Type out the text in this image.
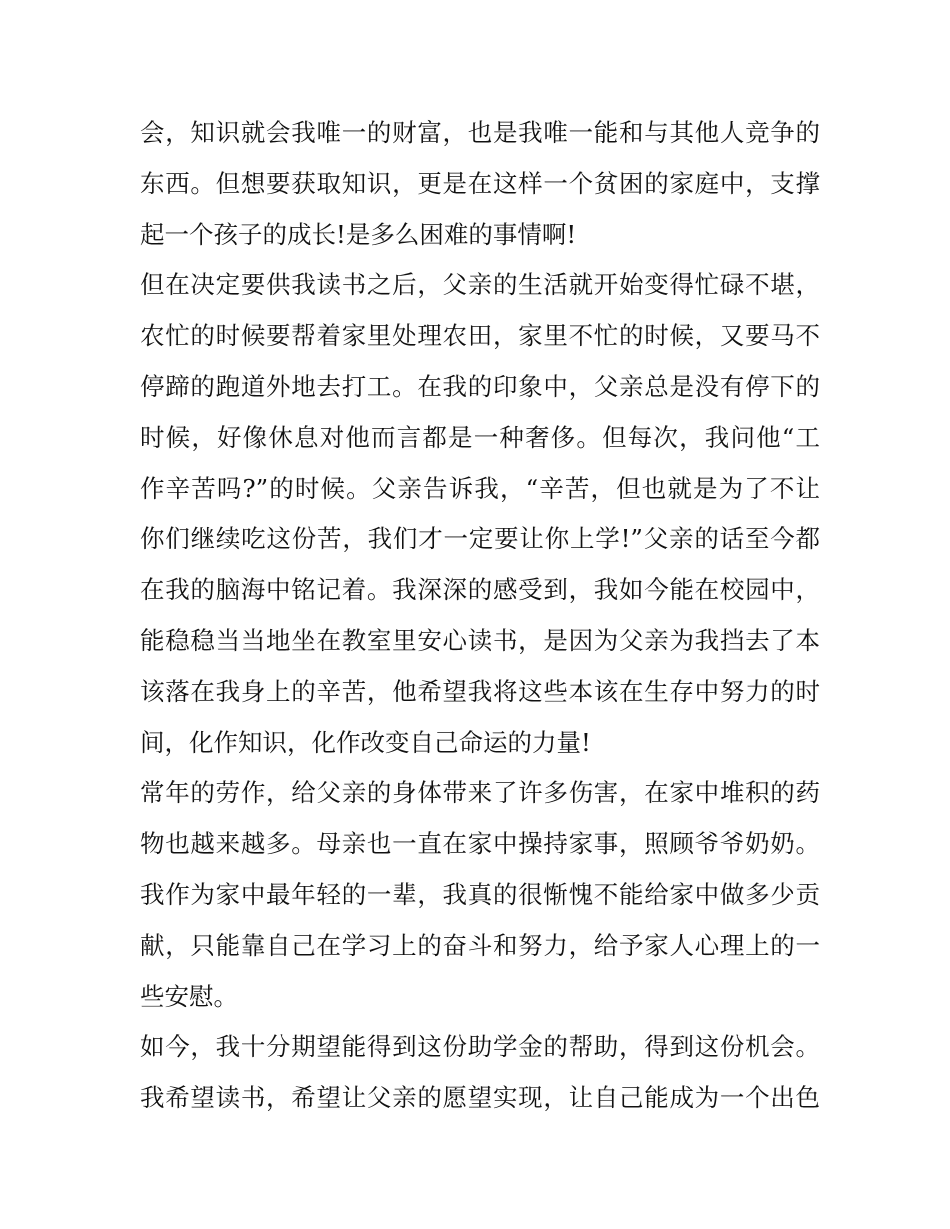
会，知识就会我唯一的财富，也是我唯一能和与其他人竞争的
东西。但想要获取知识，更是在这样一个贫困的家庭中，支撑
起一个孩子的成长!是多么困难的事情啊!
但在决定要供我读书之后，父亲的生活就开始变得忙碌不堪，
农忙的时候要帮着家里处理农田，家里不忙的时候，又要马不
停蹄的跑道外地去打工。在我的印象中，父亲总是没有停下的
时候，好像休息对他而言都是一种奢侈。但每次，我问他“工
作辛苦吗?”的时候。父亲告诉我，“辛苦，但也就是为了不让
你们继续吃这份苦，我们才一定要让你上学!”父亲的话至今都
在我的脑海中铭记着。我深深的感受到，我如今能在校园中，
能稳稳当当地坐在教室里安心读书，是因为父亲为我挡去了本
该落在我身上的辛苦，他希望我将这些本该在生存中努力的时
间，化作知识，化作改变自己命运的力量!
常年的劳作，给父亲的身体带来了许多伤害，在家中堆积的药
物也越来越多。母亲也一直在家中操持家事，照顾爷爷奶奶。
我作为家中最年轻的一辈，我真的很惭愧不能给家中做多少贡
献，只能靠自己在学习上的奋斗和努力，给予家人心理上的一
些安慰。
如今，我十分期望能得到这份助学金的帮助，得到这份机会。
我希望读书，希望让父亲的愿望实现，让自己能成为一个出色
